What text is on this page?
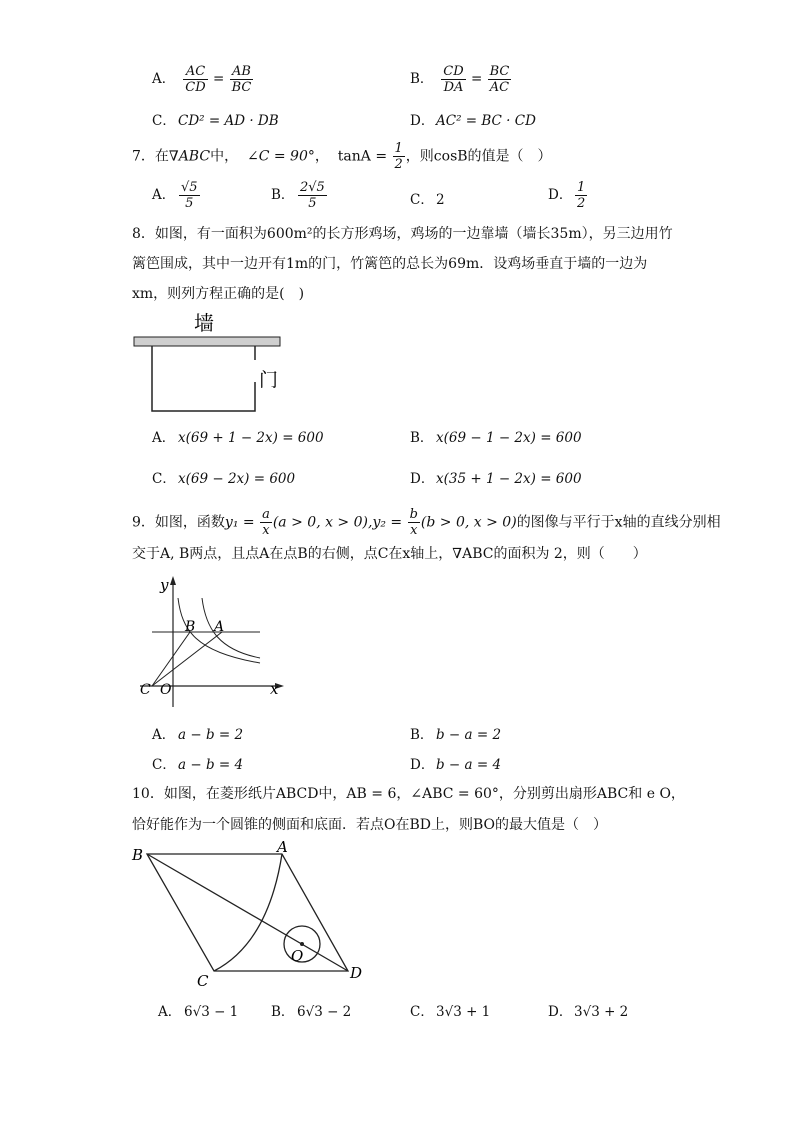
A． $\frac{AC}{CD} = \frac{AB}{BC}$	B． $\frac{CD}{DA} = \frac{BC}{AC}$
C． CD² = AD · DB	D． AC² = BC · CD
7．在∇ABC中， ∠C = 90°， $\tan A = \frac{1}{2}$ ，则cosB的值是（　）
A． $\frac{√5}{5}$	B． $\frac{2√5}{5}$	C． 2	D． $\frac{1}{2}$
8．如图，有一面积为600m²的长方形鸡场，鸡场的一边靠墙（墙长35m），另三边用竹
篱笆围成，其中一边开有1m的门，竹篱笆的总长为69m．设鸡场垂直于墙的一边为
xm，则列方程正确的是(　)
墙
门
A． x(69 + 1 − 2x) = 600	B． x(69 − 1 − 2x) = 600
C． x(69 − 2x) = 600	D． x(35 + 1 − 2x) = 600
9．如图，函数$y_1 = \frac{a}{x} (a > 0$, $x > 0),y_2 = \frac{b}{x} (b > 0$, x > 0)的图像与平行于x轴的直线分别相
交于A, B两点，且点A在点B的右侧，点C在x轴上，∇ABC的面积为 2，则（　　）
y
x
B A
C O
A． a − b = 2	B． b − a = 2
C． a − b = 4	D． b − a = 4
10．如图，在菱形纸片ABCD中，AB = 6，∠ABC = 60°，分别剪出扇形ABC和 e O，
恰好能作为一个圆锥的侧面和底面．若点O在BD上，则BO的最大值是（　）
B	A
C	D
O
A． 6√3 − 1 B． 6√3 − 2	C． 3√3 + 1	D． 3√3 + 2
